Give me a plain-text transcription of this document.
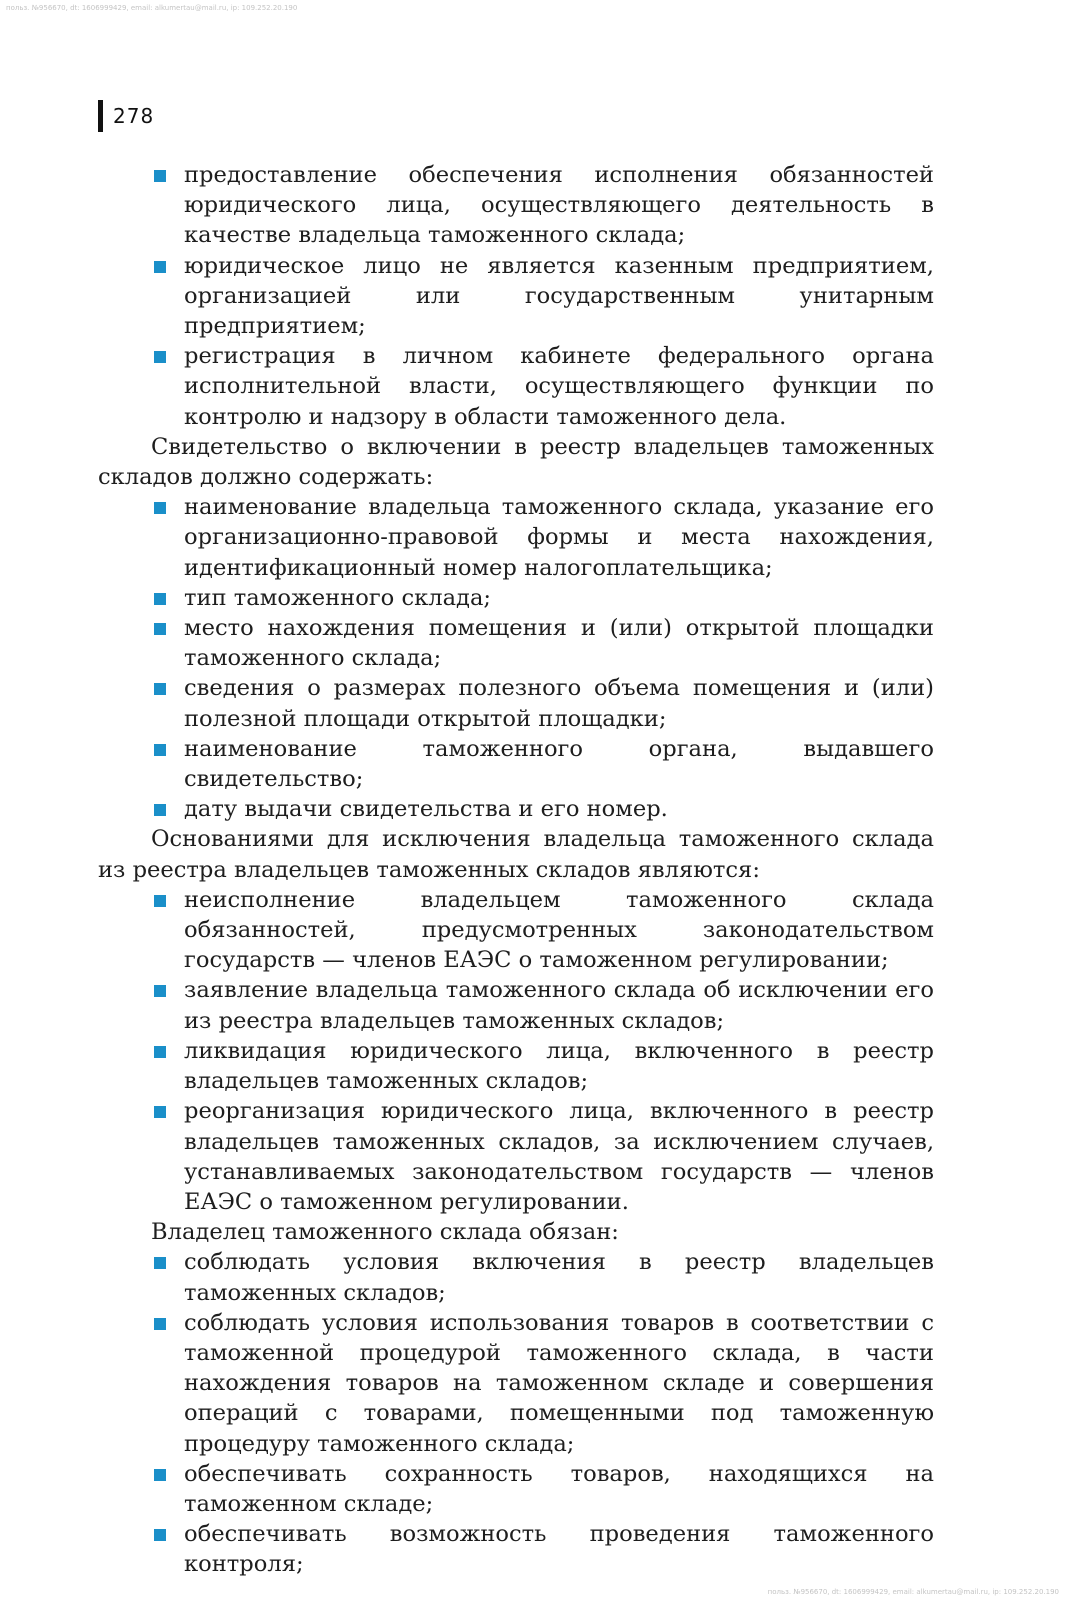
польз. №956670, dt: 1606999429, email: alkumertau@mail.ru, ip: 109.252.20.190
278
предоставление обеспечения исполнения обязанностей юридического лица, осуществляющего деятельность в качестве владельца таможенного склада;
юридическое лицо не является казенным предприятием, организацией или государственным унитарным предприятием;
регистрация в личном кабинете федерального органа исполнительной власти, осуществляющего функции по контролю и надзору в области таможенного дела.

Свидетельство о включении в реестр владельцев таможенных складов должно содержать:

наименование владельца таможенного склада, указание его организационно-правовой формы и места нахождения, идентификационный номер налогоплательщика;
тип таможенного склада;
место нахождения помещения и (или) открытой площадки таможенного склада;
сведения о размерах полезного объема помещения и (или) полезной площади открытой площадки;
наименование таможенного органа, выдавшего свидетельство;
дату выдачи свидетельства и его номер.

Основаниями для исключения владельца таможенного склада из реестра владельцев таможенных складов являются:

неисполнение владельцем таможенного склада обязанностей, предусмотренных законодательством государств — членов ЕАЭС о таможенном регулировании;
заявление владельца таможенного склада об исключении его из реестра владельцев таможенных складов;
ликвидация юридического лица, включенного в реестр владельцев таможенных складов;
реорганизация юридического лица, включенного в реестр владельцев таможенных складов, за исключением случаев, устанавливаемых законодательством государств — членов ЕАЭС о таможенном регулировании.

Владелец таможенного склада обязан:

соблюдать условия включения в реестр владельцев таможенных складов;
соблюдать условия использования товаров в соответствии с таможенной процедурой таможенного склада, в части нахождения товаров на таможенном складе и совершения операций с товарами, помещенными под таможенную процедуру таможенного склада;
обеспечивать сохранность товаров, находящихся на таможенном складе;
обеспечивать возможность проведения таможенного контроля;
польз. №956670, dt: 1606999429, email: alkumertau@mail.ru, ip: 109.252.20.190
